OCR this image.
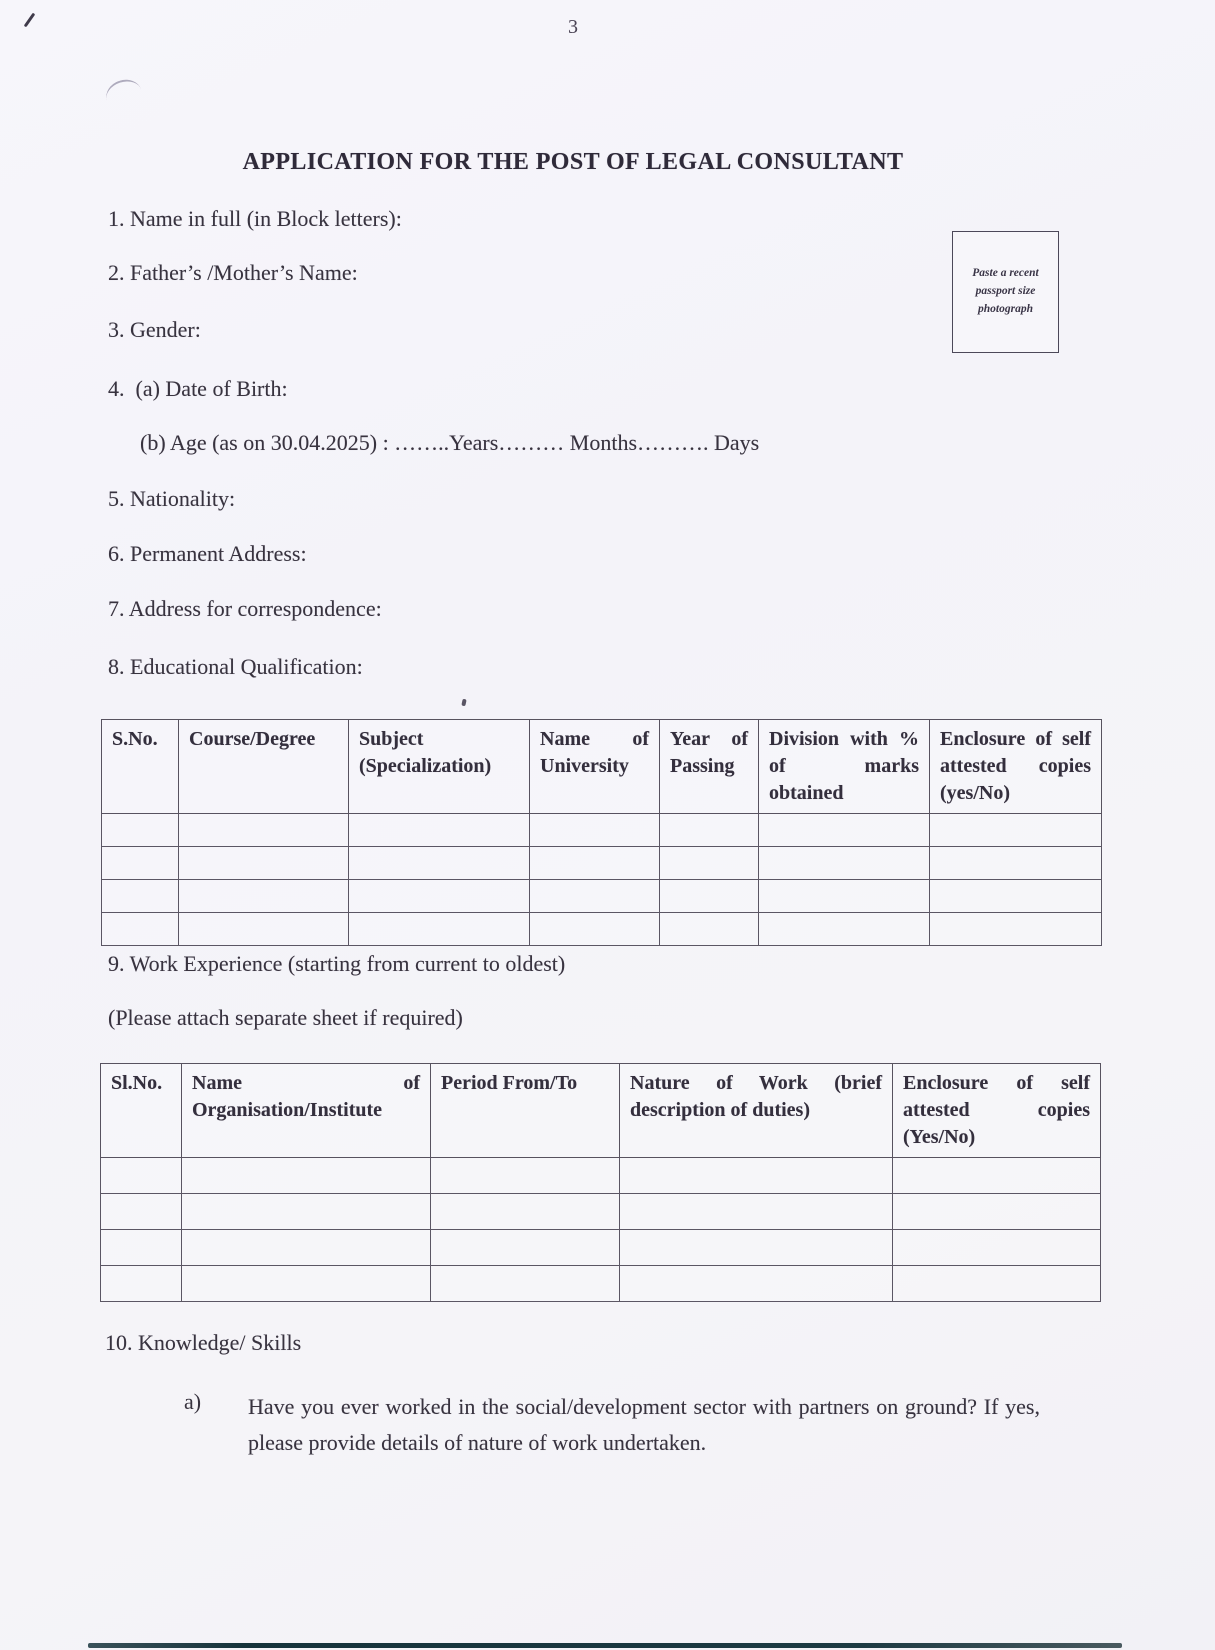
3
APPLICATION FOR THE POST OF LEGAL CONSULTANT
Paste a recent passport size photograph
1. Name in full (in Block letters):
2. Father’s /Mother’s Name:
3. Gender:
4.  (a) Date of Birth:
(b) Age (as on 30.04.2025) : ……..Years……… Months………. Days
5. Nationality:
6. Permanent Address:
7. Address for correspondence:
8. Educational Qualification:
S.No.	Course/Degree	Subject (Specialization)	Name of University	Year of Passing	Division with % of marks obtained	Enclosure of self attested copies (yes/No)

9. Work Experience (starting from current to oldest)
(Please attach separate sheet if required)
Sl.No.	Name of Organisation/Institute	Period From/To	Nature of Work (brief description of duties)	Enclosure of self attested copies (Yes/No)

10. Knowledge/ Skills
a) Have you ever worked in the social/development sector with partners on ground? If yes, please provide details of nature of work undertaken.
